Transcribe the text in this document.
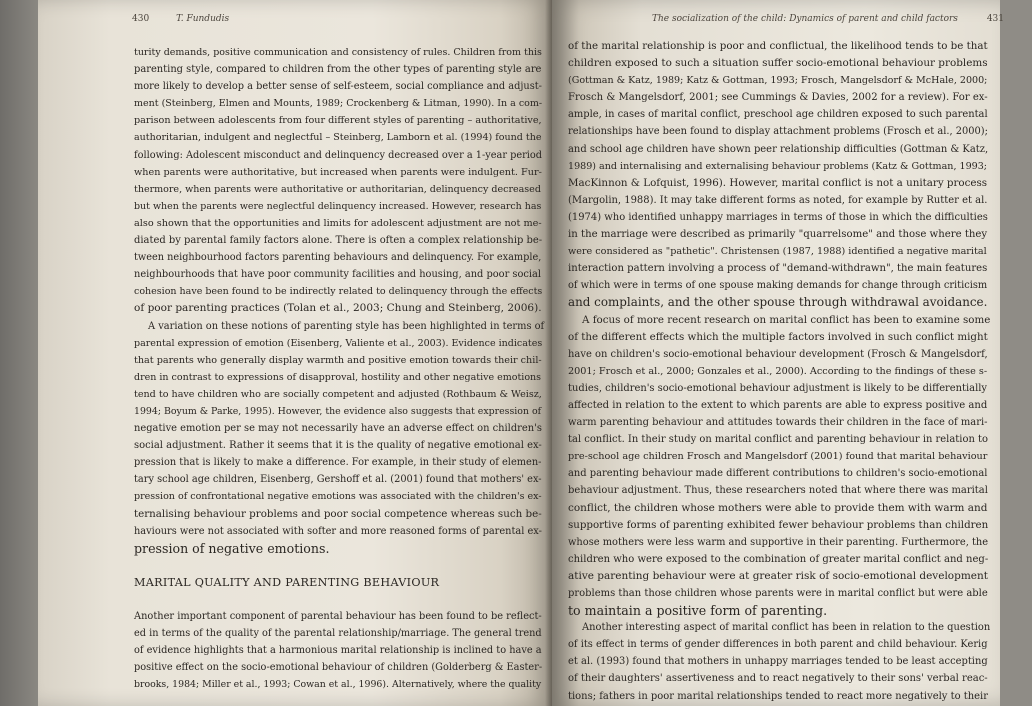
430	T. Fundudis
turity demands, positive communication and consistency of rules. Children from this
parenting style, compared to children from the other types of parenting style are
more likely to develop a better sense of self-esteem, social compliance and adjust-
ment (Steinberg, Elmen and Mounts, 1989; Crockenberg & Litman, 1990). In a com-
parison between adolescents from four different styles of parenting – authoritative,
authoritarian, indulgent and neglectful – Steinberg, Lamborn et al. (1994) found the
following: Adolescent misconduct and delinquency decreased over a 1-year period
when parents were authoritative, but increased when parents were indulgent. Fur-
thermore, when parents were authoritative or authoritarian, delinquency decreased
but when the parents were neglectful delinquency increased. However, research has
also shown that the opportunities and limits for adolescent adjustment are not me-
diated by parental family factors alone. There is often a complex relationship be-
tween neighbourhood factors parenting behaviours and delinquency. For example,
neighbourhoods that have poor community facilities and housing, and poor social
cohesion have been found to be indirectly related to delinquency through the effects
of poor parenting practices (Tolan et al., 2003; Chung and Steinberg, 2006).
A variation on these notions of parenting style has been highlighted in terms of
parental expression of emotion (Eisenberg, Valiente et al., 2003). Evidence indicates
that parents who generally display warmth and positive emotion towards their chil-
dren in contrast to expressions of disapproval, hostility and other negative emotions
tend to have children who are socially competent and adjusted (Rothbaum & Weisz,
1994; Boyum & Parke, 1995). However, the evidence also suggests that expression of
negative emotion per se may not necessarily have an adverse effect on children's
social adjustment. Rather it seems that it is the quality of negative emotional ex-
pression that is likely to make a difference. For example, in their study of elemen-
tary school age children, Eisenberg, Gershoff et al. (2001) found that mothers' ex-
pression of confrontational negative emotions was associated with the children's ex-
ternalising behaviour problems and poor social competence whereas such be-
haviours were not associated with softer and more reasoned forms of parental ex-
pression of negative emotions.
MARITAL QUALITY AND PARENTING BEHAVIOUR
Another important component of parental behaviour has been found to be reflect-
ed in terms of the quality of the parental relationship/marriage. The general trend
of evidence highlights that a harmonious marital relationship is inclined to have a
positive effect on the socio-emotional behaviour of children (Golderberg & Easter-
brooks, 1984; Miller et al., 1993; Cowan et al., 1996). Alternatively, where the quality
The socialization of the child: Dynamics of parent and child factors	431
of the marital relationship is poor and conflictual, the likelihood tends to be that
children exposed to such a situation suffer socio-emotional behaviour problems
(Gottman & Katz, 1989; Katz & Gottman, 1993; Frosch, Mangelsdorf & McHale, 2000;
Frosch & Mangelsdorf, 2001; see Cummings & Davies, 2002 for a review). For ex-
ample, in cases of marital conflict, preschool age children exposed to such parental
relationships have been found to display attachment problems (Frosch et al., 2000);
and school age children have shown peer relationship difficulties (Gottman & Katz,
1989) and internalising and externalising behaviour problems (Katz & Gottman, 1993;
MacKinnon & Lofquist, 1996). However, marital conflict is not a unitary process
(Margolin, 1988). It may take different forms as noted, for example by Rutter et al.
(1974) who identified unhappy marriages in terms of those in which the difficulties
in the marriage were described as primarily "quarrelsome" and those where they
were considered as "pathetic". Christensen (1987, 1988) identified a negative marital
interaction pattern involving a process of "demand-withdrawn", the main features
of which were in terms of one spouse making demands for change through criticism
and complaints, and the other spouse through withdrawal avoidance.
A focus of more recent research on marital conflict has been to examine some
of the different effects which the multiple factors involved in such conflict might
have on children's socio-emotional behaviour development (Frosch & Mangelsdorf,
2001; Frosch et al., 2000; Gonzales et al., 2000). According to the findings of these s-
tudies, children's socio-emotional behaviour adjustment is likely to be differentially
affected in relation to the extent to which parents are able to express positive and
warm parenting behaviour and attitudes towards their children in the face of mari-
tal conflict. In their study on marital conflict and parenting behaviour in relation to
pre-school age children Frosch and Mangelsdorf (2001) found that marital behaviour
and parenting behaviour made different contributions to children's socio-emotional
behaviour adjustment. Thus, these researchers noted that where there was marital
conflict, the children whose mothers were able to provide them with warm and
supportive forms of parenting exhibited fewer behaviour problems than children
whose mothers were less warm and supportive in their parenting. Furthermore, the
children who were exposed to the combination of greater marital conflict and neg-
ative parenting behaviour were at greater risk of socio-emotional development
problems than those children whose parents were in marital conflict but were able
to maintain a positive form of parenting.
Another interesting aspect of marital conflict has been in relation to the question
of its effect in terms of gender differences in both parent and child behaviour. Kerig
et al. (1993) found that mothers in unhappy marriages tended to be least accepting
of their daughters' assertiveness and to react negatively to their sons' verbal reac-
tions; fathers in poor marital relationships tended to react more negatively to their
